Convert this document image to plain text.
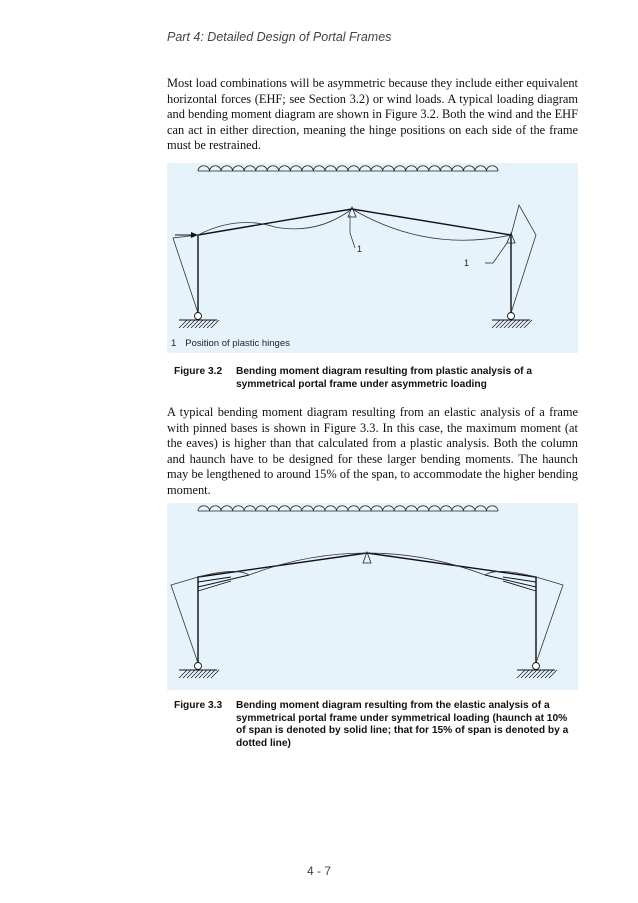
Part 4: Detailed Design of Portal Frames

Most load combinations will be asymmetric because they include either equivalent horizontal forces (EHF; see Section 3.2) or wind loads. A typical loading diagram and bending moment diagram are shown in Figure 3.2. Both the wind and the EHF can act in either direction, meaning the hinge positions on each side of the frame must be restrained.

1
1
1 Position of plastic hinges
Figure 3.2	Bending moment diagram resulting from plastic analysis of a symmetrical portal frame under asymmetric loading

A typical bending moment diagram resulting from an elastic analysis of a frame with pinned bases is shown in Figure 3.3. In this case, the maximum moment (at the eaves) is higher than that calculated from a plastic analysis. Both the column and haunch have to be designed for these larger bending moments. The haunch may be lengthened to around 15% of the span, to accommodate the higher bending moment.

Figure 3.3	Bending moment diagram resulting from the elastic analysis of a symmetrical portal frame under symmetrical loading (haunch at 10% of span is denoted by solid line; that for 15% of span is denoted by a dotted line)
4 - 7
